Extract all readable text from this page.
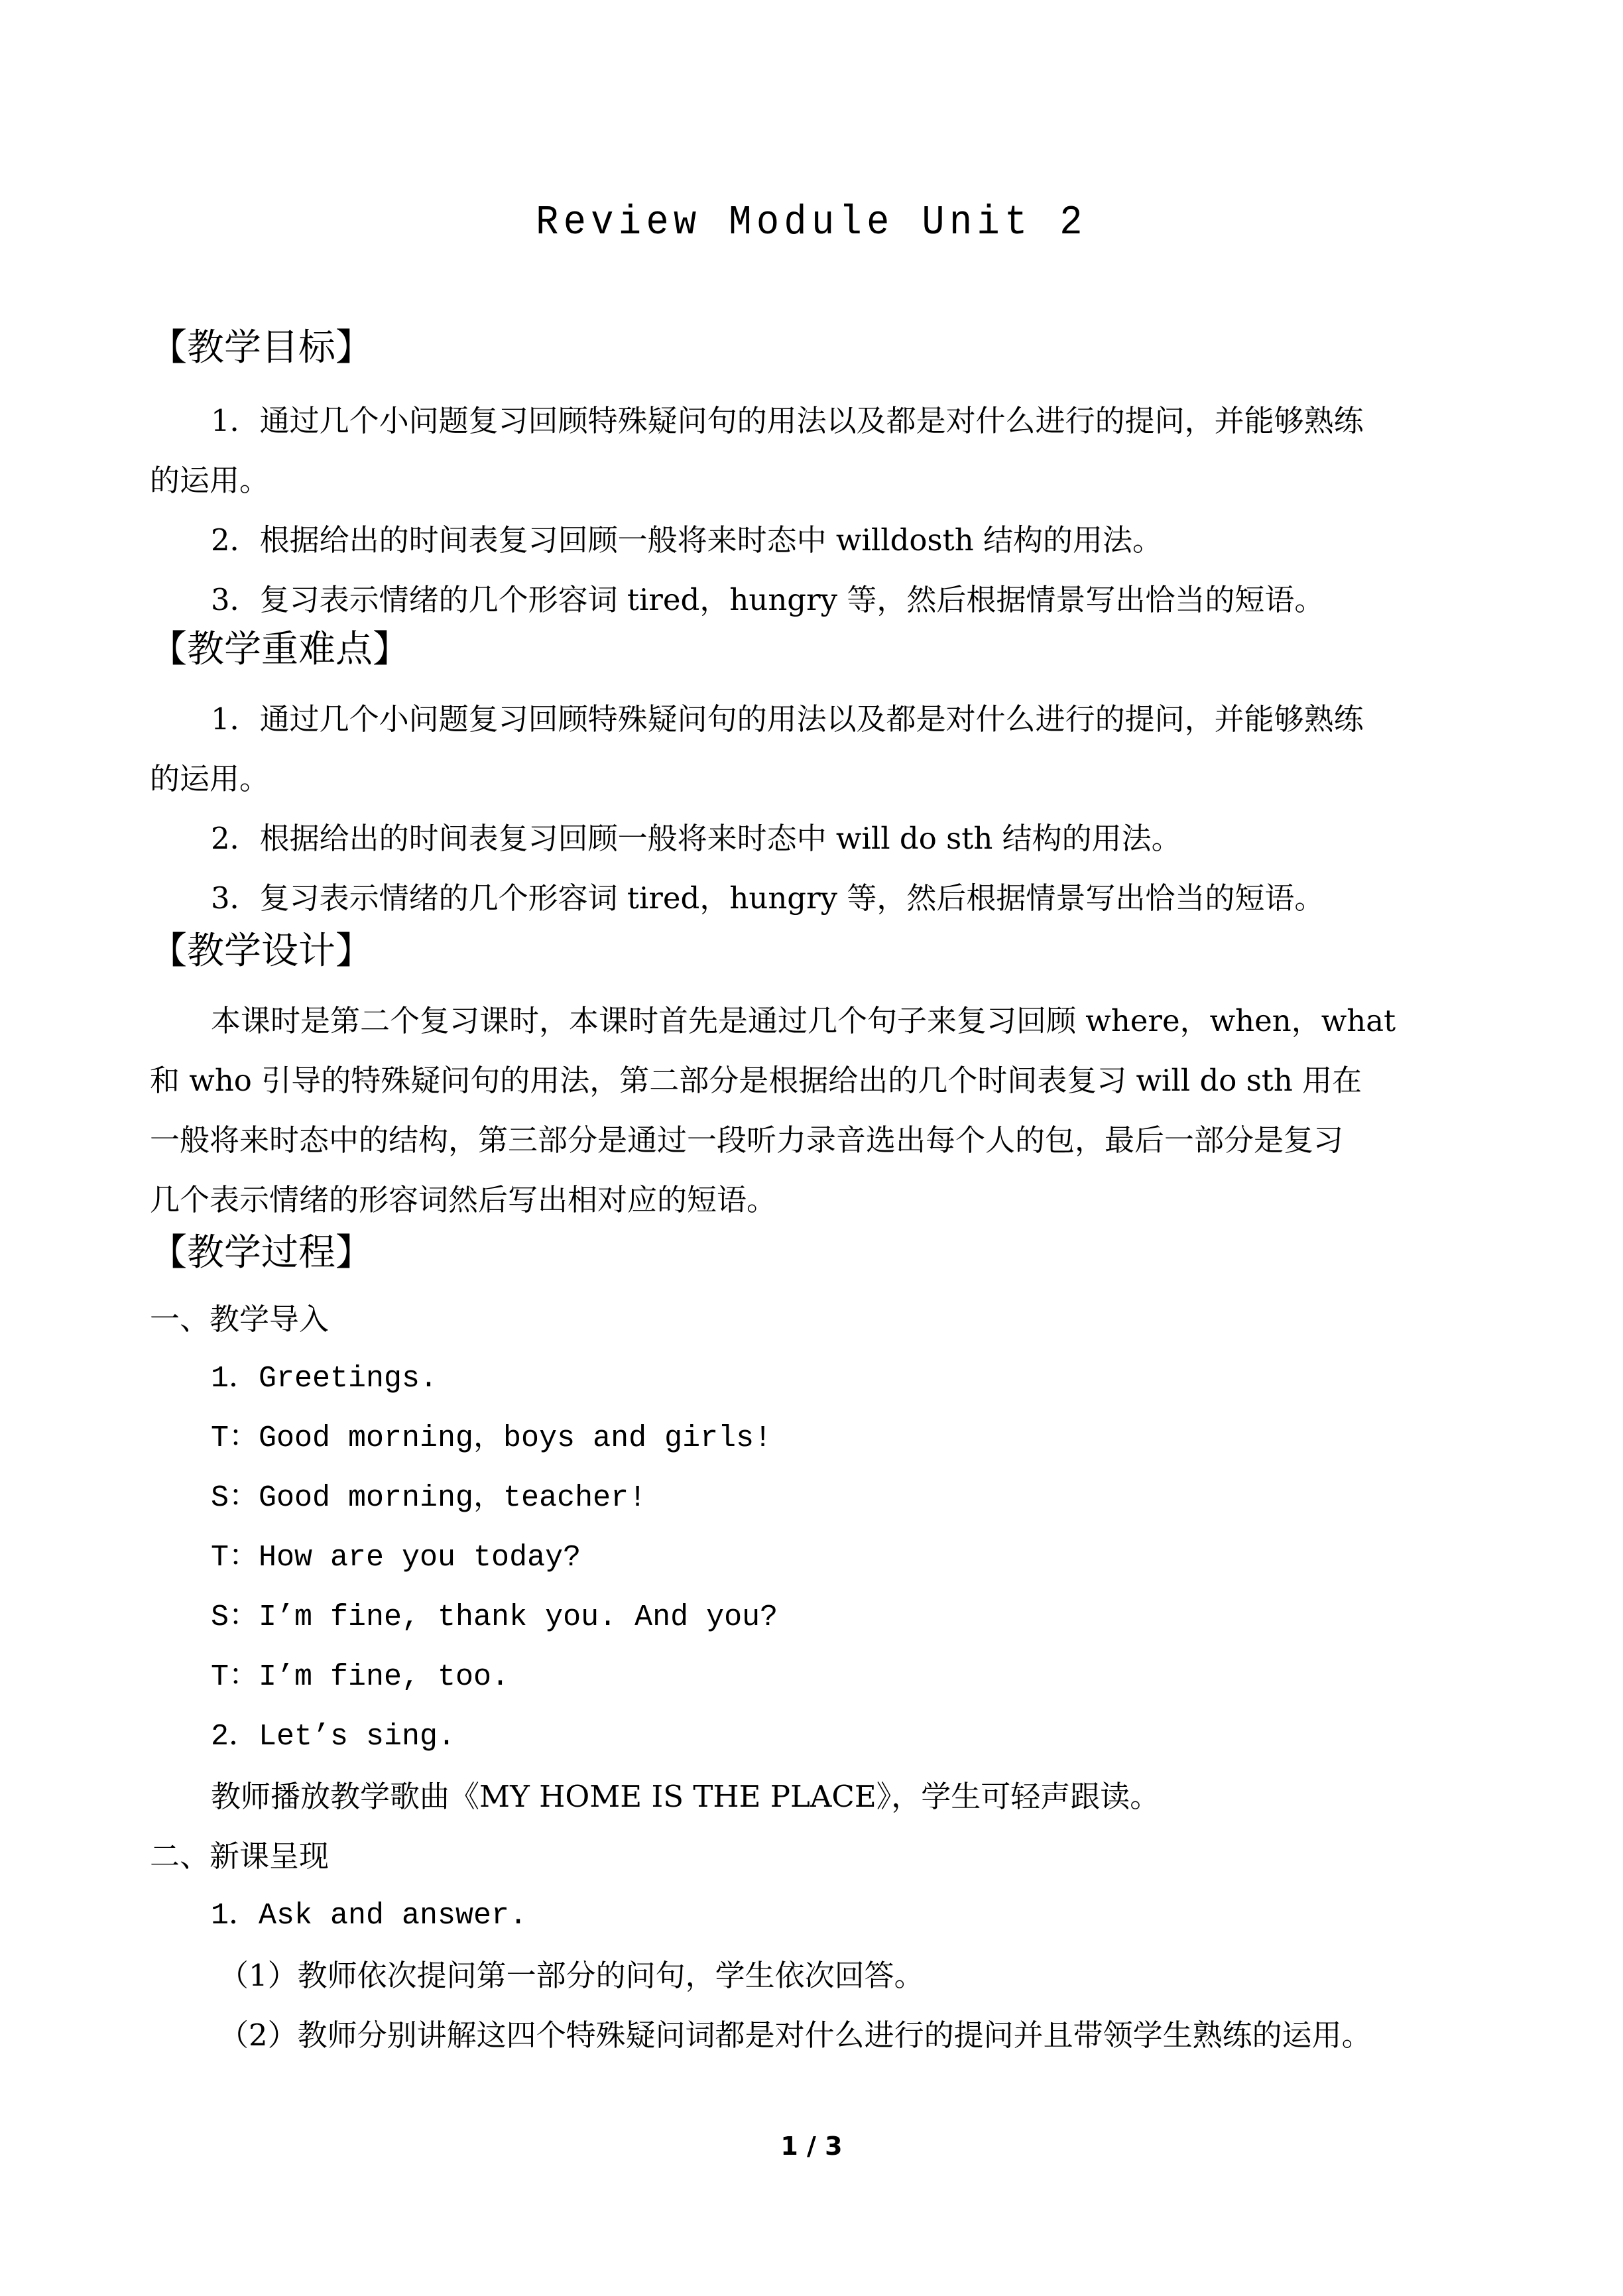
Review Module Unit 2
【教学目标】
1．通过几个小问题复习回顾特殊疑问句的用法以及都是对什么进行的提问，并能够熟练
的运用。
2．根据给出的时间表复习回顾一般将来时态中 willdosth 结构的用法。
3．复习表示情绪的几个形容词 tired，hungry 等，然后根据情景写出恰当的短语。
【教学重难点】
1．通过几个小问题复习回顾特殊疑问句的用法以及都是对什么进行的提问，并能够熟练
的运用。
2．根据给出的时间表复习回顾一般将来时态中 will do sth 结构的用法。
3．复习表示情绪的几个形容词 tired，hungry 等，然后根据情景写出恰当的短语。
【教学设计】
本课时是第二个复习课时，本课时首先是通过几个句子来复习回顾 where，when，what
和 who 引导的特殊疑问句的用法，第二部分是根据给出的几个时间表复习 will do sth 用在
一般将来时态中的结构，第三部分是通过一段听力录音选出每个人的包，最后一部分是复习
几个表示情绪的形容词然后写出相对应的短语。
【教学过程】
一、教学导入
1．Greetings.
T：Good morning，boys and girls!
S：Good morning，teacher!
T：How are you today?
S：I’m fine, thank you. And you?
T：I’m fine, too.
2．Let’s sing.
教师播放教学歌曲《MY HOME IS THE PLACE》，学生可轻声跟读。
二、新课呈现
1．Ask and answer.
（1）教师依次提问第一部分的问句，学生依次回答。
（2）教师分别讲解这四个特殊疑问词都是对什么进行的提问并且带领学生熟练的运用。
1 / 3
